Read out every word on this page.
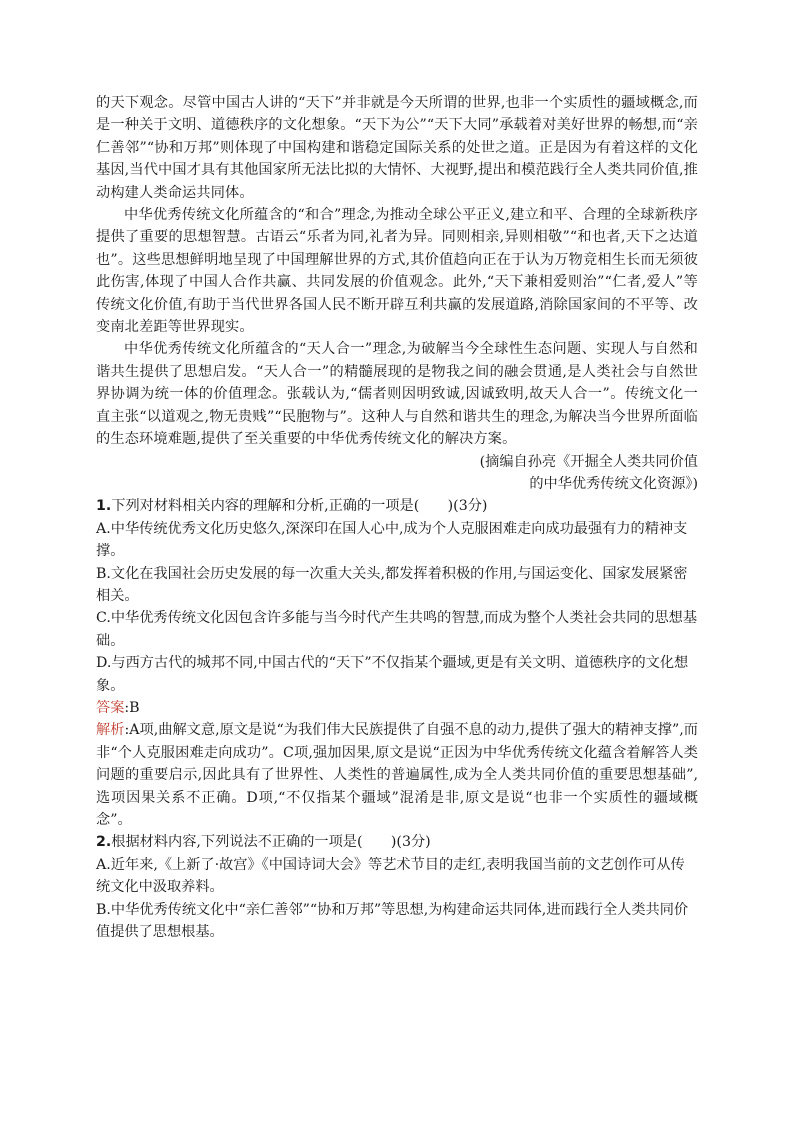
的天下观念。尽管中国古人讲的“天下”并非就是今天所谓的世界,也非一个实质性的疆域概念,而是一种关于文明、道德秩序的文化想象。“天下为公”“天下大同”承载着对美好世界的畅想,而“亲仁善邻”“协和万邦”则体现了中国构建和谐稳定国际关系的处世之道。正是因为有着这样的文化基因,当代中国才具有其他国家所无法比拟的大情怀、大视野,提出和模范践行全人类共同价值,推动构建人类命运共同体。

中华优秀传统文化所蕴含的“和合”理念,为推动全球公平正义,建立和平、合理的全球新秩序提供了重要的思想智慧。古语云“乐者为同,礼者为异。同则相亲,异则相敬”“和也者,天下之达道也”。这些思想鲜明地呈现了中国理解世界的方式,其价值趋向正在于认为万物竞相生长而无须彼此伤害,体现了中国人合作共赢、共同发展的价值观念。此外,“天下兼相爱则治”“仁者,爱人”等传统文化价值,有助于当代世界各国人民不断开辟互利共赢的发展道路,消除国家间的不平等、改变南北差距等世界现实。

中华优秀传统文化所蕴含的“天人合一”理念,为破解当今全球性生态问题、实现人与自然和谐共生提供了思想启发。“天人合一”的精髓展现的是物我之间的融会贯通,是人类社会与自然世界协调为统一体的价值理念。张载认为,“儒者则因明致诚,因诚致明,故天人合一”。传统文化一直主张“以道观之,物无贵贱”“民胞物与”。这种人与自然和谐共生的理念,为解决当今世界所面临的生态环境难题,提供了至关重要的中华优秀传统文化的解决方案。

(摘编自孙亮《开掘全人类共同价值

的中华优秀传统文化资源》)

1.下列对材料相关内容的理解和分析,正确的一项是(　　)(3分)

A.中华传统优秀文化历史悠久,深深印在国人心中,成为个人克服困难走向成功最强有力的精神支撑。

B.文化在我国社会历史发展的每一次重大关头,都发挥着积极的作用,与国运变化、国家发展紧密相关。

C.中华优秀传统文化因包含许多能与当今时代产生共鸣的智慧,而成为整个人类社会共同的思想基础。

D.与西方古代的城邦不同,中国古代的“天下”不仅指某个疆域,更是有关文明、道德秩序的文化想象。

答案:B

解析:A项,曲解文意,原文是说“为我们伟大民族提供了自强不息的动力,提供了强大的精神支撑”,而非“个人克服困难走向成功”。C项,强加因果,原文是说“正因为中华优秀传统文化蕴含着解答人类问题的重要启示,因此具有了世界性、人类性的普遍属性,成为全人类共同价值的重要思想基础”,选项因果关系不正确。D项,“不仅指某个疆域”混淆是非,原文是说“也非一个实质性的疆域概念”。

2.根据材料内容,下列说法不正确的一项是(　　)(3分)

A.近年来,《上新了·故宫》《中国诗词大会》等艺术节目的走红,表明我国当前的文艺创作可从传统文化中汲取养料。

B.中华优秀传统文化中“亲仁善邻”“协和万邦”等思想,为构建命运共同体,进而践行全人类共同价值提供了思想根基。
